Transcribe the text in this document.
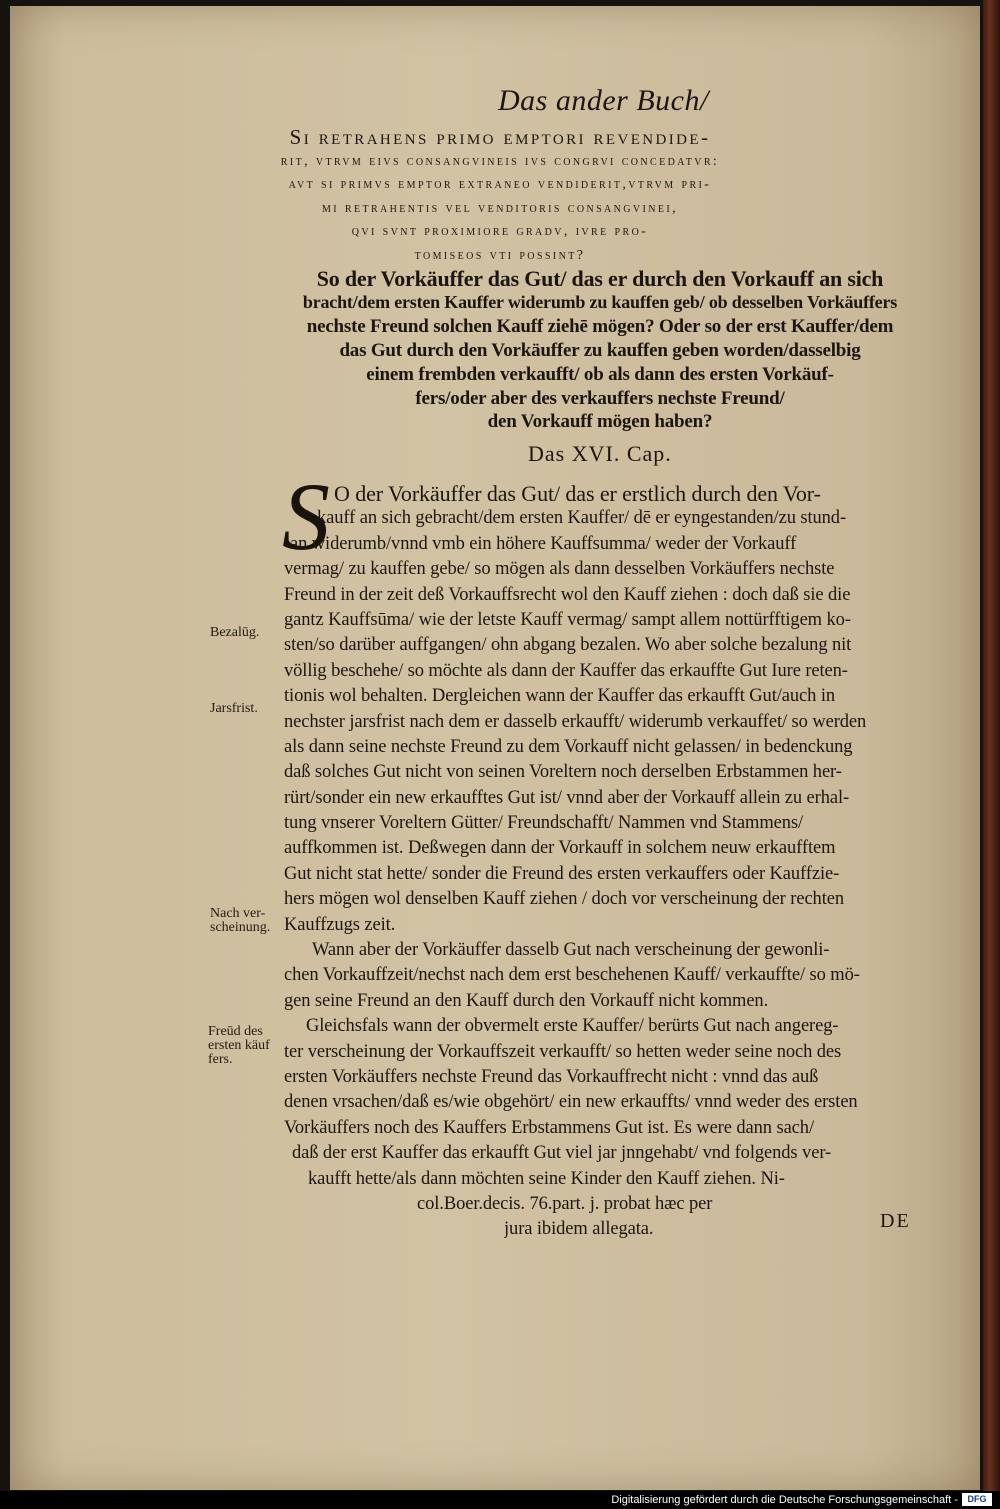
Das ander Buch/
Si retrahens primo emptori revendide-
rit, vtrvm eivs consangvineis ivs congrvi concedatvr:
avt si primvs emptor extraneo vendiderit,vtrvm pri-
mi retrahentis vel venditoris consangvinei,
qvi svnt proximiore gradv, ivre pro-
tomiseos vti possint?
So der Vorkäuffer das Gut/ das er durch den Vorkauff an sich
bracht/dem ersten Kauffer widerumb zu kauffen geb/ ob desselben Vorkäuffers
nechste Freund solchen Kauff ziehē mögen? Oder so der erst Kauffer/dem
das Gut durch den Vorkäuffer zu kauffen geben worden/dasselbig
einem frembden verkaufft/ ob als dann des ersten Vorkäuf-
fers/oder aber des verkauffers nechste Freund/
den Vorkauff mögen haben?
Das XVI. Cap.
S O der Vorkäuffer das Gut/ das er erstlich durch den Vor-
kauff an sich gebracht/dem ersten Kauffer/ dē er eyngestanden/zu stund-
an widerumb/vnnd vmb ein höhere Kauffsumma/ weder der Vorkauff
vermag/ zu kauffen gebe/ so mögen als dann desselben Vorkäuffers nechste
Freund in der zeit deß Vorkauffsrecht wol den Kauff ziehen : doch daß sie die
gantz Kauffsūma/ wie der letste Kauff vermag/ sampt allem nottürfftigem ko-
sten/so darüber auffgangen/ ohn abgang bezalen. Wo aber solche bezalung nit
völlig beschehe/ so möchte als dann der Kauffer das erkauffte Gut Iure reten-
tionis wol behalten. Dergleichen wann der Kauffer das erkaufft Gut/auch in
nechster jarsfrist nach dem er dasselb erkaufft/ widerumb verkauffet/ so werden
als dann seine nechste Freund zu dem Vorkauff nicht gelassen/ in bedenckung
daß solches Gut nicht von seinen Voreltern noch derselben Erbstammen her-
rürt/sonder ein new erkaufftes Gut ist/ vnnd aber der Vorkauff allein zu erhal-
tung vnserer Voreltern Gütter/ Freundschafft/ Nammen vnd Stammens/
auffkommen ist. Deßwegen dann der Vorkauff in solchem neuw erkaufftem
Gut nicht stat hette/ sonder die Freund des ersten verkauffers oder Kauffzie-
hers mögen wol denselben Kauff ziehen / doch vor verscheinung der rechten
Kauffzugs zeit.
Wann aber der Vorkäuffer dasselb Gut nach verscheinung der gewonli-
chen Vorkauffzeit/nechst nach dem erst beschehenen Kauff/ verkauffte/ so mö-
gen seine Freund an den Kauff durch den Vorkauff nicht kommen.
Gleichsfals wann der obvermelt erste Kauffer/ berürts Gut nach angereg-
ter verscheinung der Vorkauffszeit verkaufft/ so hetten weder seine noch des
ersten Vorkäuffers nechste Freund das Vorkauffrecht nicht : vnnd das auß
denen vrsachen/daß es/wie obgehört/ ein new erkauffts/ vnnd weder des ersten
Vorkäuffers noch des Kauffers Erbstammens Gut ist. Es were dann sach/
daß der erst Kauffer das erkaufft Gut viel jar jnngehabt/ vnd folgends ver-
kaufft hette/als dann möchten seine Kinder den Kauff ziehen. Ni-
col.Boer.decis. 76.part. j. probat hæc per
jura ibidem allegata.
Bezalūg.
Jarsfrist.
Nach ver-
scheinung.
Freūd des
ersten käuf
fers.
DE
Digitalisierung gefördert durch die Deutsche Forschungsgemeinschaft -	DFG
